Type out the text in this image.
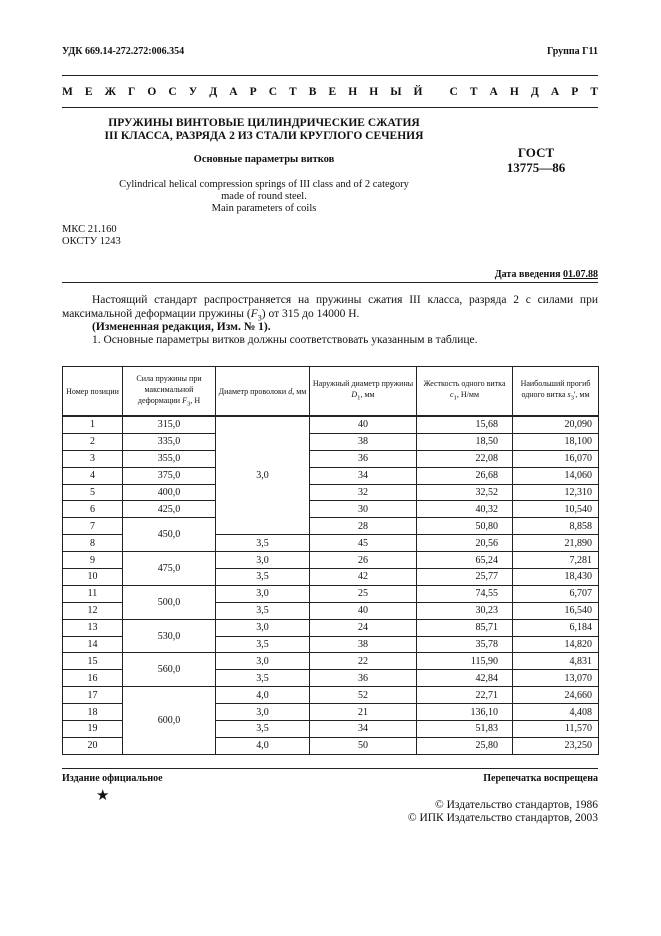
УДК 669.14-272.272:006.354	Группа Г11
М Е Ж Г О С У Д А Р С Т В Е Н Н Ы Й
С Т А Н Д А Р Т
ПРУЖИНЫ ВИНТОВЫЕ ЦИЛИНДРИЧЕСКИЕ СЖАТИЯ
III КЛАССА, РАЗРЯДА 2 ИЗ СТАЛИ КРУГЛОГО СЕЧЕНИЯ
Основные параметры витков
Cylindrical helical compression springs of III class and of 2 category
made of round steel.
Main parameters of coils
ГОСТ
13775—86
МКС 21.160
ОКСТУ 1243
Дата введения 01.07.88
Настоящий стандарт распространяется на пружины сжатия III класса, разряда 2 с силами при максимальной деформации пружины $(F_3)$ от 315 до 14000 Н.
(Измененная редакция, Изм. № 1).
1. Основные параметры витков должны соответствовать указанным в таблице.
Номер позиции	Сила пружины при максимальной деформации $F_3$, Н	Диаметр проволоки d, мм	Наружный диаметр пружины $D_1$, мм	Жесткость одного витка $c_1$, Н/мм	Наибольший прогиб одного витка $s_3'$, мм
1	315,0	3,0	40	15,68	20,090
2	335,0		38	18,50	18,100
3	355,0		36	22,08	16,070
4	375,0		34	26,68	14,060
5	400,0		32	32,52	12,310
6	425,0		30	40,32	10,540
7	450,0		28	50,80	8,858
8		3,5	45	20,56	21,890
9	475,0	3,0	26	65,24	7,281
10		3,5	42	25,77	18,430
11	500,0	3,0	25	74,55	6,707
12		3,5	40	30,23	16,540
13	530,0	3,0	24	85,71	6,184
14		3,5	38	35,78	14,820
15	560,0	3,0	22	115,90	4,831
16		3,5	36	42,84	13,070
17	600,0	4,0	52	22,71	24,660
18		3,0	21	136,10	4,408
19		3,5	34	51,83	11,570
20		4,0	50	25,80	23,250
Издание официальное	Перепечатка воспрещена
★
© Издательство стандартов, 1986
© ИПК Издательство стандартов, 2003
